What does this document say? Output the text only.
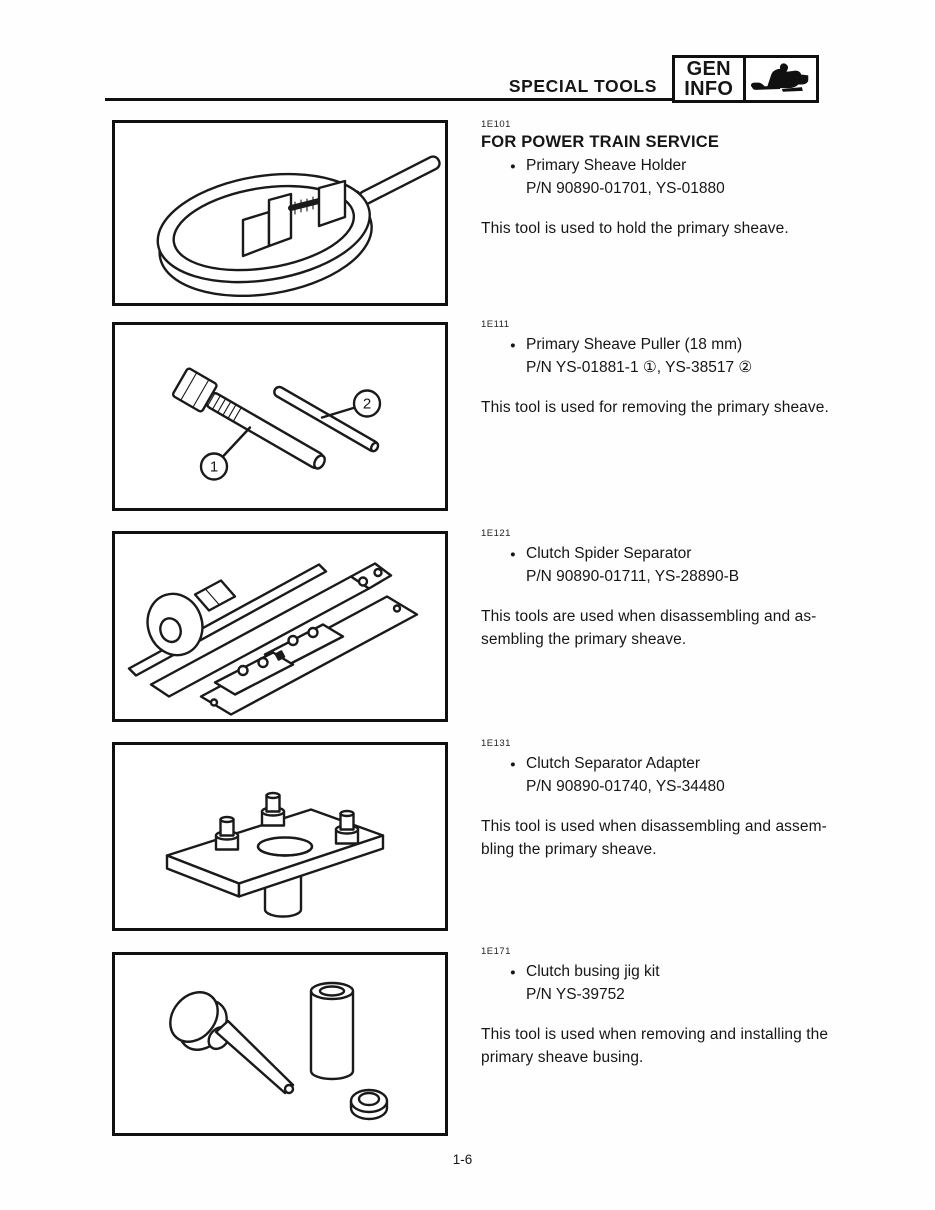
SPECIAL TOOLS
GEN
INFO
1
2
1E101
FOR POWER TRAIN SERVICE
● Primary Sheave Holder
P/N 90890-01701, YS-01880
This tool is used to hold the primary sheave.
1E111
● Primary Sheave Puller (18 mm)
P/N YS-01881-1 ①, YS-38517 ②
This tool is used for removing the primary sheave.
1E121
● Clutch Spider Separator
P/N 90890-01711, YS-28890-B
This tools are used when disassembling and as-
sembling the primary sheave.
1E131
● Clutch Separator Adapter
P/N 90890-01740, YS-34480
This tool is used when disassembling and assem-
bling the primary sheave.
1E171
● Clutch busing jig kit
P/N YS-39752
This tool is used when removing and installing the
primary sheave busing.
1-6
